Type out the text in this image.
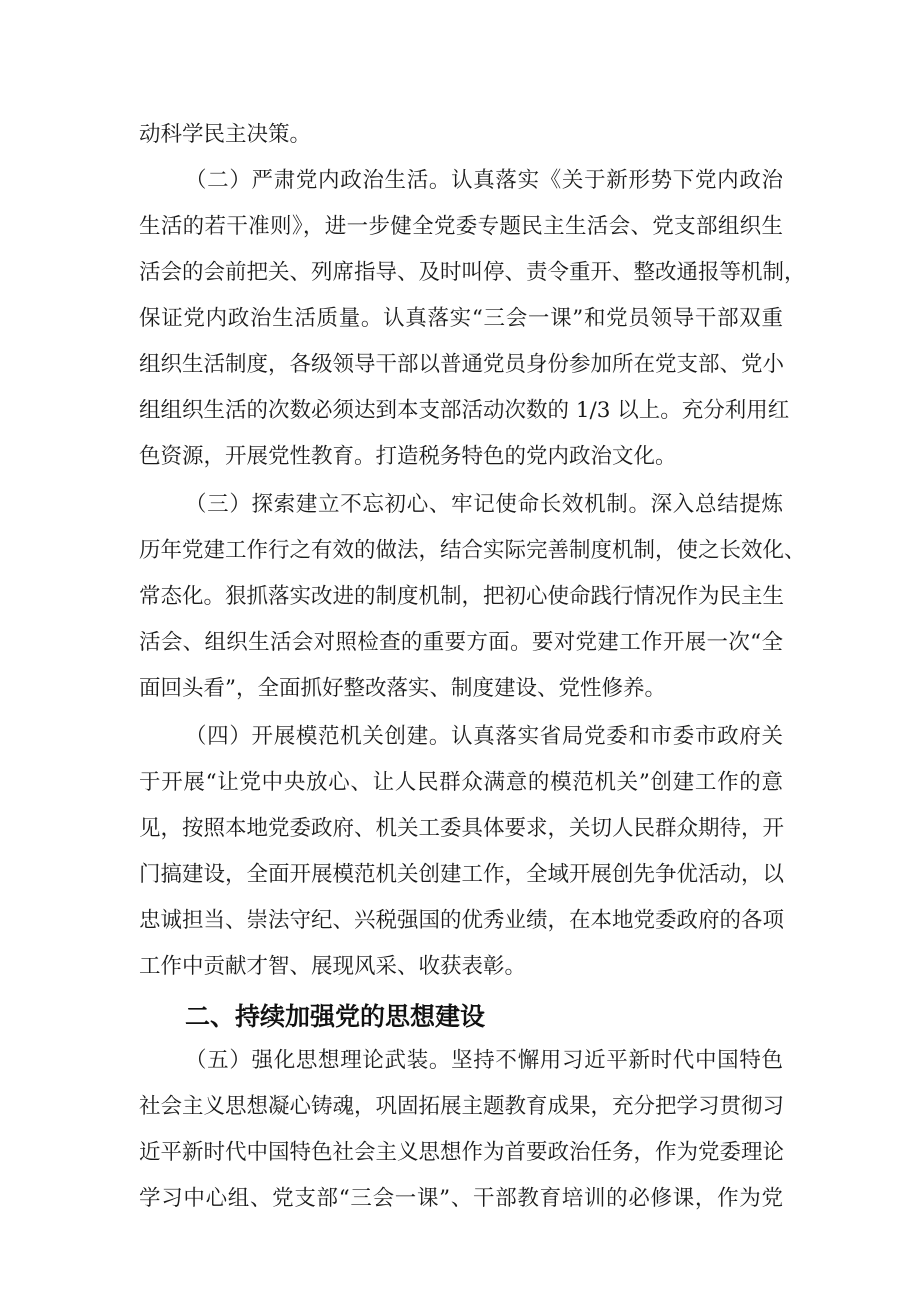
动科学民主决策。
（二）严肃党内政治生活。认真落实《关于新形势下党内政治
生活的若干准则》，进一步健全党委专题民主生活会、党支部组织生
活会的会前把关、列席指导、及时叫停、责令重开、整改通报等机制，
保证党内政治生活质量。认真落实“三会一课”和党员领导干部双重
组织生活制度，各级领导干部以普通党员身份参加所在党支部、党小
组组织生活的次数必须达到本支部活动次数的 1/3 以上。充分利用红
色资源，开展党性教育。打造税务特色的党内政治文化。
（三）探索建立不忘初心、牢记使命长效机制。深入总结提炼
历年党建工作行之有效的做法，结合实际完善制度机制，使之长效化、
常态化。狠抓落实改进的制度机制，把初心使命践行情况作为民主生
活会、组织生活会对照检查的重要方面。要对党建工作开展一次“全
面回头看”，全面抓好整改落实、制度建设、党性修养。
（四）开展模范机关创建。认真落实省局党委和市委市政府关
于开展“让党中央放心、让人民群众满意的模范机关”创建工作的意
见，按照本地党委政府、机关工委具体要求，关切人民群众期待，开
门搞建设，全面开展模范机关创建工作，全域开展创先争优活动，以
忠诚担当、崇法守纪、兴税强国的优秀业绩，在本地党委政府的各项
工作中贡献才智、展现风采、收获表彰。
二、持续加强党的思想建设
（五）强化思想理论武装。坚持不懈用习近平新时代中国特色
社会主义思想凝心铸魂，巩固拓展主题教育成果，充分把学习贯彻习
近平新时代中国特色社会主义思想作为首要政治任务，作为党委理论
学习中心组、党支部“三会一课”、干部教育培训的必修课，作为党
